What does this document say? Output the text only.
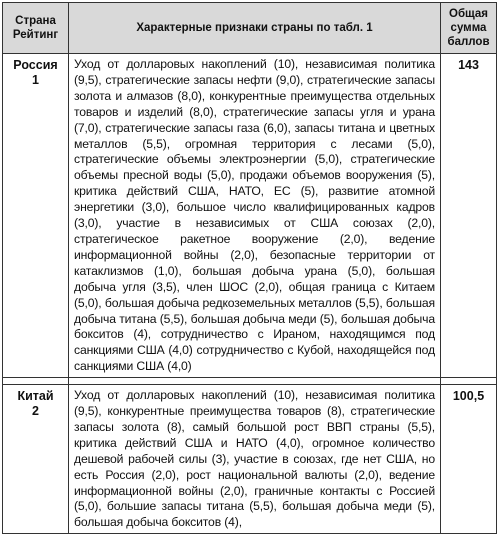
Страна
Рейтинг	Характерные признаки страны по табл. 1	Общая
сумма
баллов

Россия
1	Уход от долларовых накоплений (10), независимая политика (9,5), стратегические запасы нефти (9,0), стратегические запасы золота и алмазов (8,0), конкурентные преимущества отдельных товаров и изделий (8,0), стратегические запасы угля и урана (7,0), стратегические запасы газа (6,0), запасы титана и цветных металлов (5,5), огромная территория с лесами (5,0), стратегические объемы электроэнергии (5,0), стратегические объемы пресной воды (5,0), продажи объемов вооружения (5), критика действий США, НАТО, ЕС (5), развитие атомной энергетики (3,0), большое число квалифицированных кадров (3,0), участие в независимых от США союзах (2,0), стратегическое ракетное вооружение (2,0), ведение информационной войны (2,0), безопасные территории от катаклизмов (1,0), большая добыча урана (5,0), большая добыча угля (3,5), член ШОС (2,0), общая граница с Китаем (5,0), большая добыча редкоземельных металлов (5,5), большая добыча титана (5,5), большая добыча меди (5), большая добыча бокситов (4), сотрудничество с Ираном, находящимся под санкциями США (4,0) сотрудничество с Кубой, находящейся под санкциями США (4,0)	143

Китай
2	Уход от долларовых накоплений (10), независимая политика (9,5), конкурентные преимущества товаров (8), стратегические запасы золота (8), самый большой рост ВВП страны (5,5), критика действий США и НАТО (4,0), огромное количество дешевой рабочей силы (3), участие в союзах, где нет США, но есть Россия (2,0), рост национальной валюты (2,0), ведение информационной войны (2,0), граничные контакты с Россией (5,0), большие запасы титана (5,5), большая добыча меди (5), большая добыча бокситов (4),	100,5
